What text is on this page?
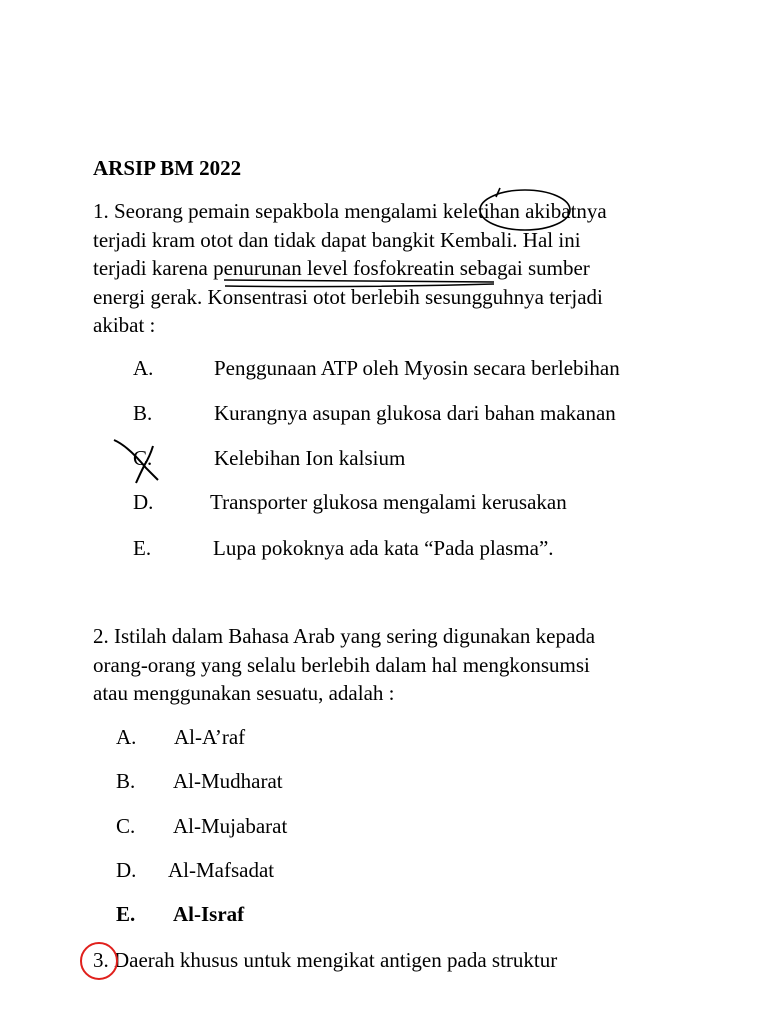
ARSIP BM 2022
1. Seorang pemain sepakbola mengalami keletihan akibatnya
terjadi kram otot dan tidak dapat bangkit Kembali. Hal ini
terjadi karena penurunan level fosfokreatin sebagai sumber
energi gerak. Konsentrasi otot berlebih sesungguhnya terjadi
akibat :
A.	Penggunaan ATP oleh Myosin secara berlebihan
B.	Kurangnya asupan glukosa dari bahan makanan
C.	Kelebihan Ion kalsium
D.	Transporter glukosa mengalami kerusakan
E.	Lupa pokoknya ada kata “Pada plasma”.
2. Istilah dalam Bahasa Arab yang sering digunakan kepada
orang-orang yang selalu berlebih dalam hal mengkonsumsi
atau menggunakan sesuatu, adalah :
A. Al-A’raf
B. Al-Mudharat
C. Al-Mujabarat
D. Al-Mafsadat
E. Al-Israf
3. Daerah khusus untuk mengikat antigen pada struktur
